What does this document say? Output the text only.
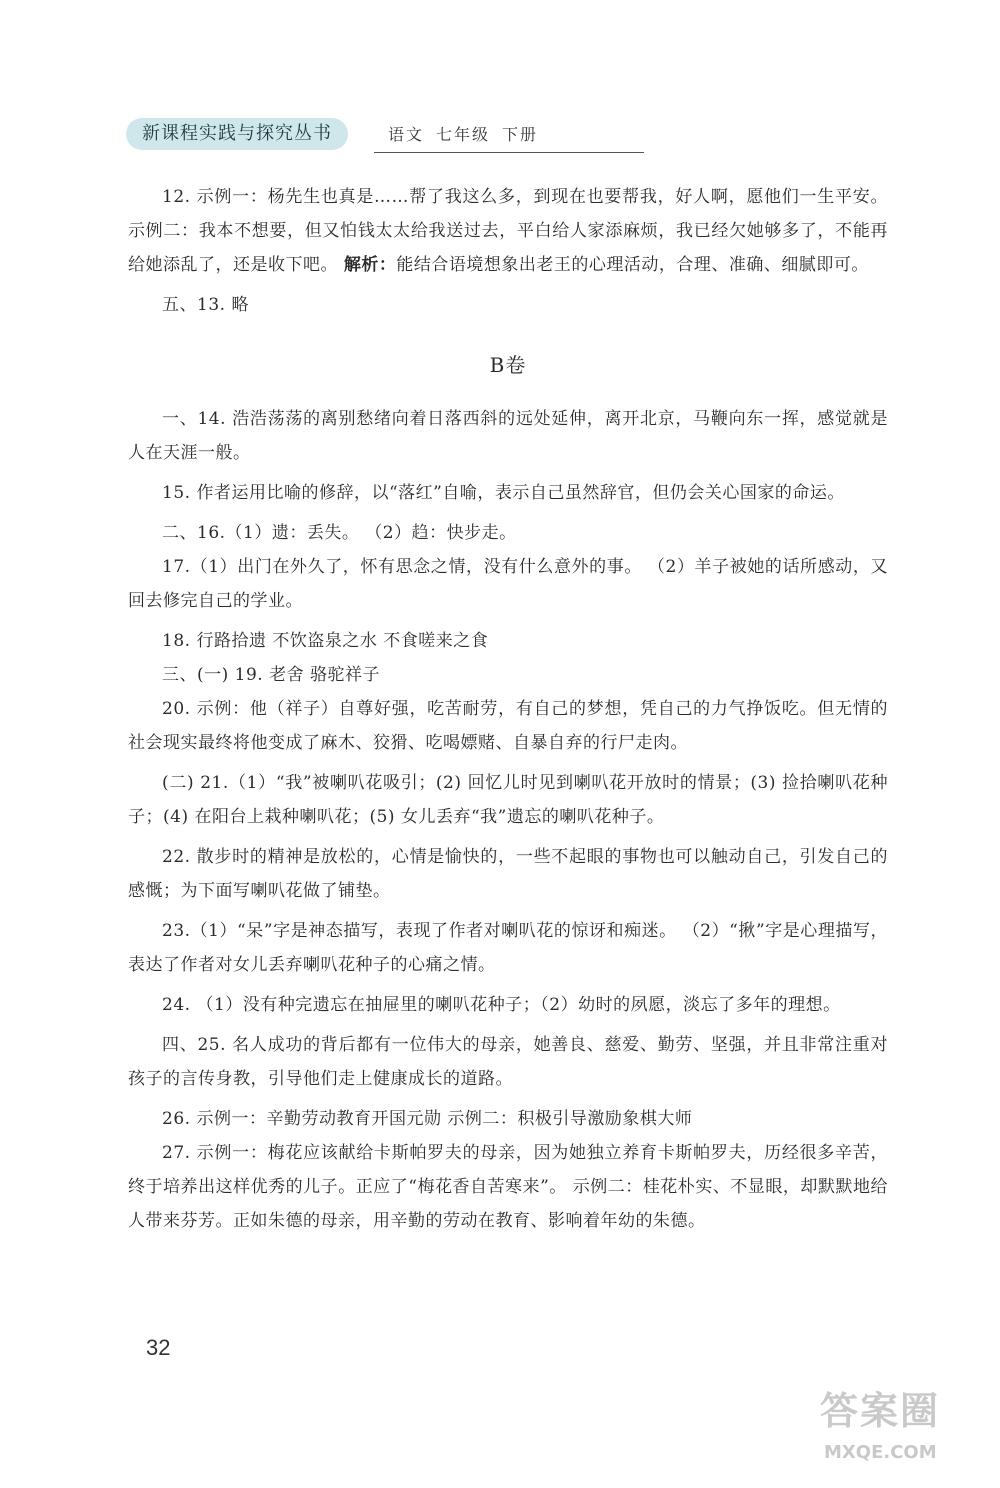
新课程实践与探究丛书	语文 七年级 下册

12. 示例一：杨先生也真是……帮了我这么多，到现在也要帮我，好人啊，愿他们一生平安。 示例二：我本不想要，但又怕钱太太给我送过去，平白给人家添麻烦，我已经欠她够多了，不能再给她添乱了，还是收下吧。 解析：能结合语境想象出老王的心理活动，合理、准确、细腻即可。

五、13. 略

B卷

一、14. 浩浩荡荡的离别愁绪向着日落西斜的远处延伸，离开北京，马鞭向东一挥，感觉就是人在天涯一般。

15. 作者运用比喻的修辞，以“落红”自喻，表示自己虽然辞官，但仍会关心国家的命运。

二、16.（1）遗：丢失。 （2）趋：快步走。

17.（1）出门在外久了，怀有思念之情，没有什么意外的事。 （2）羊子被她的话所感动，又回去修完自己的学业。

18. 行路拾遗 不饮盗泉之水 不食嗟来之食

三、(一) 19. 老舍 骆驼祥子

20. 示例：他（祥子）自尊好强，吃苦耐劳，有自己的梦想，凭自己的力气挣饭吃。但无情的社会现实最终将他变成了麻木、狡猾、吃喝嫖赌、自暴自弃的行尸走肉。

(二) 21.（1）“我”被喇叭花吸引；(2) 回忆儿时见到喇叭花开放时的情景；(3) 捡拾喇叭花种子；(4) 在阳台上栽种喇叭花；(5) 女儿丢弃“我”遗忘的喇叭花种子。

22. 散步时的精神是放松的，心情是愉快的，一些不起眼的事物也可以触动自己，引发自己的感慨；为下面写喇叭花做了铺垫。

23.（1）“呆”字是神态描写，表现了作者对喇叭花的惊讶和痴迷。 （2）“揪”字是心理描写，表达了作者对女儿丢弃喇叭花种子的心痛之情。

24. （1）没有种完遗忘在抽屉里的喇叭花种子；（2）幼时的夙愿，淡忘了多年的理想。

四、25. 名人成功的背后都有一位伟大的母亲，她善良、慈爱、勤劳、坚强，并且非常注重对孩子的言传身教，引导他们走上健康成长的道路。

26. 示例一：辛勤劳动教育开国元勋 示例二：积极引导激励象棋大师

27. 示例一：梅花应该献给卡斯帕罗夫的母亲，因为她独立养育卡斯帕罗夫，历经很多辛苦，终于培养出这样优秀的儿子。正应了“梅花香自苦寒来”。 示例二：桂花朴实、不显眼，却默默地给人带来芬芳。正如朱德的母亲，用辛勤的劳动在教育、影响着年幼的朱德。

32
答案圈
MXQE.COM
